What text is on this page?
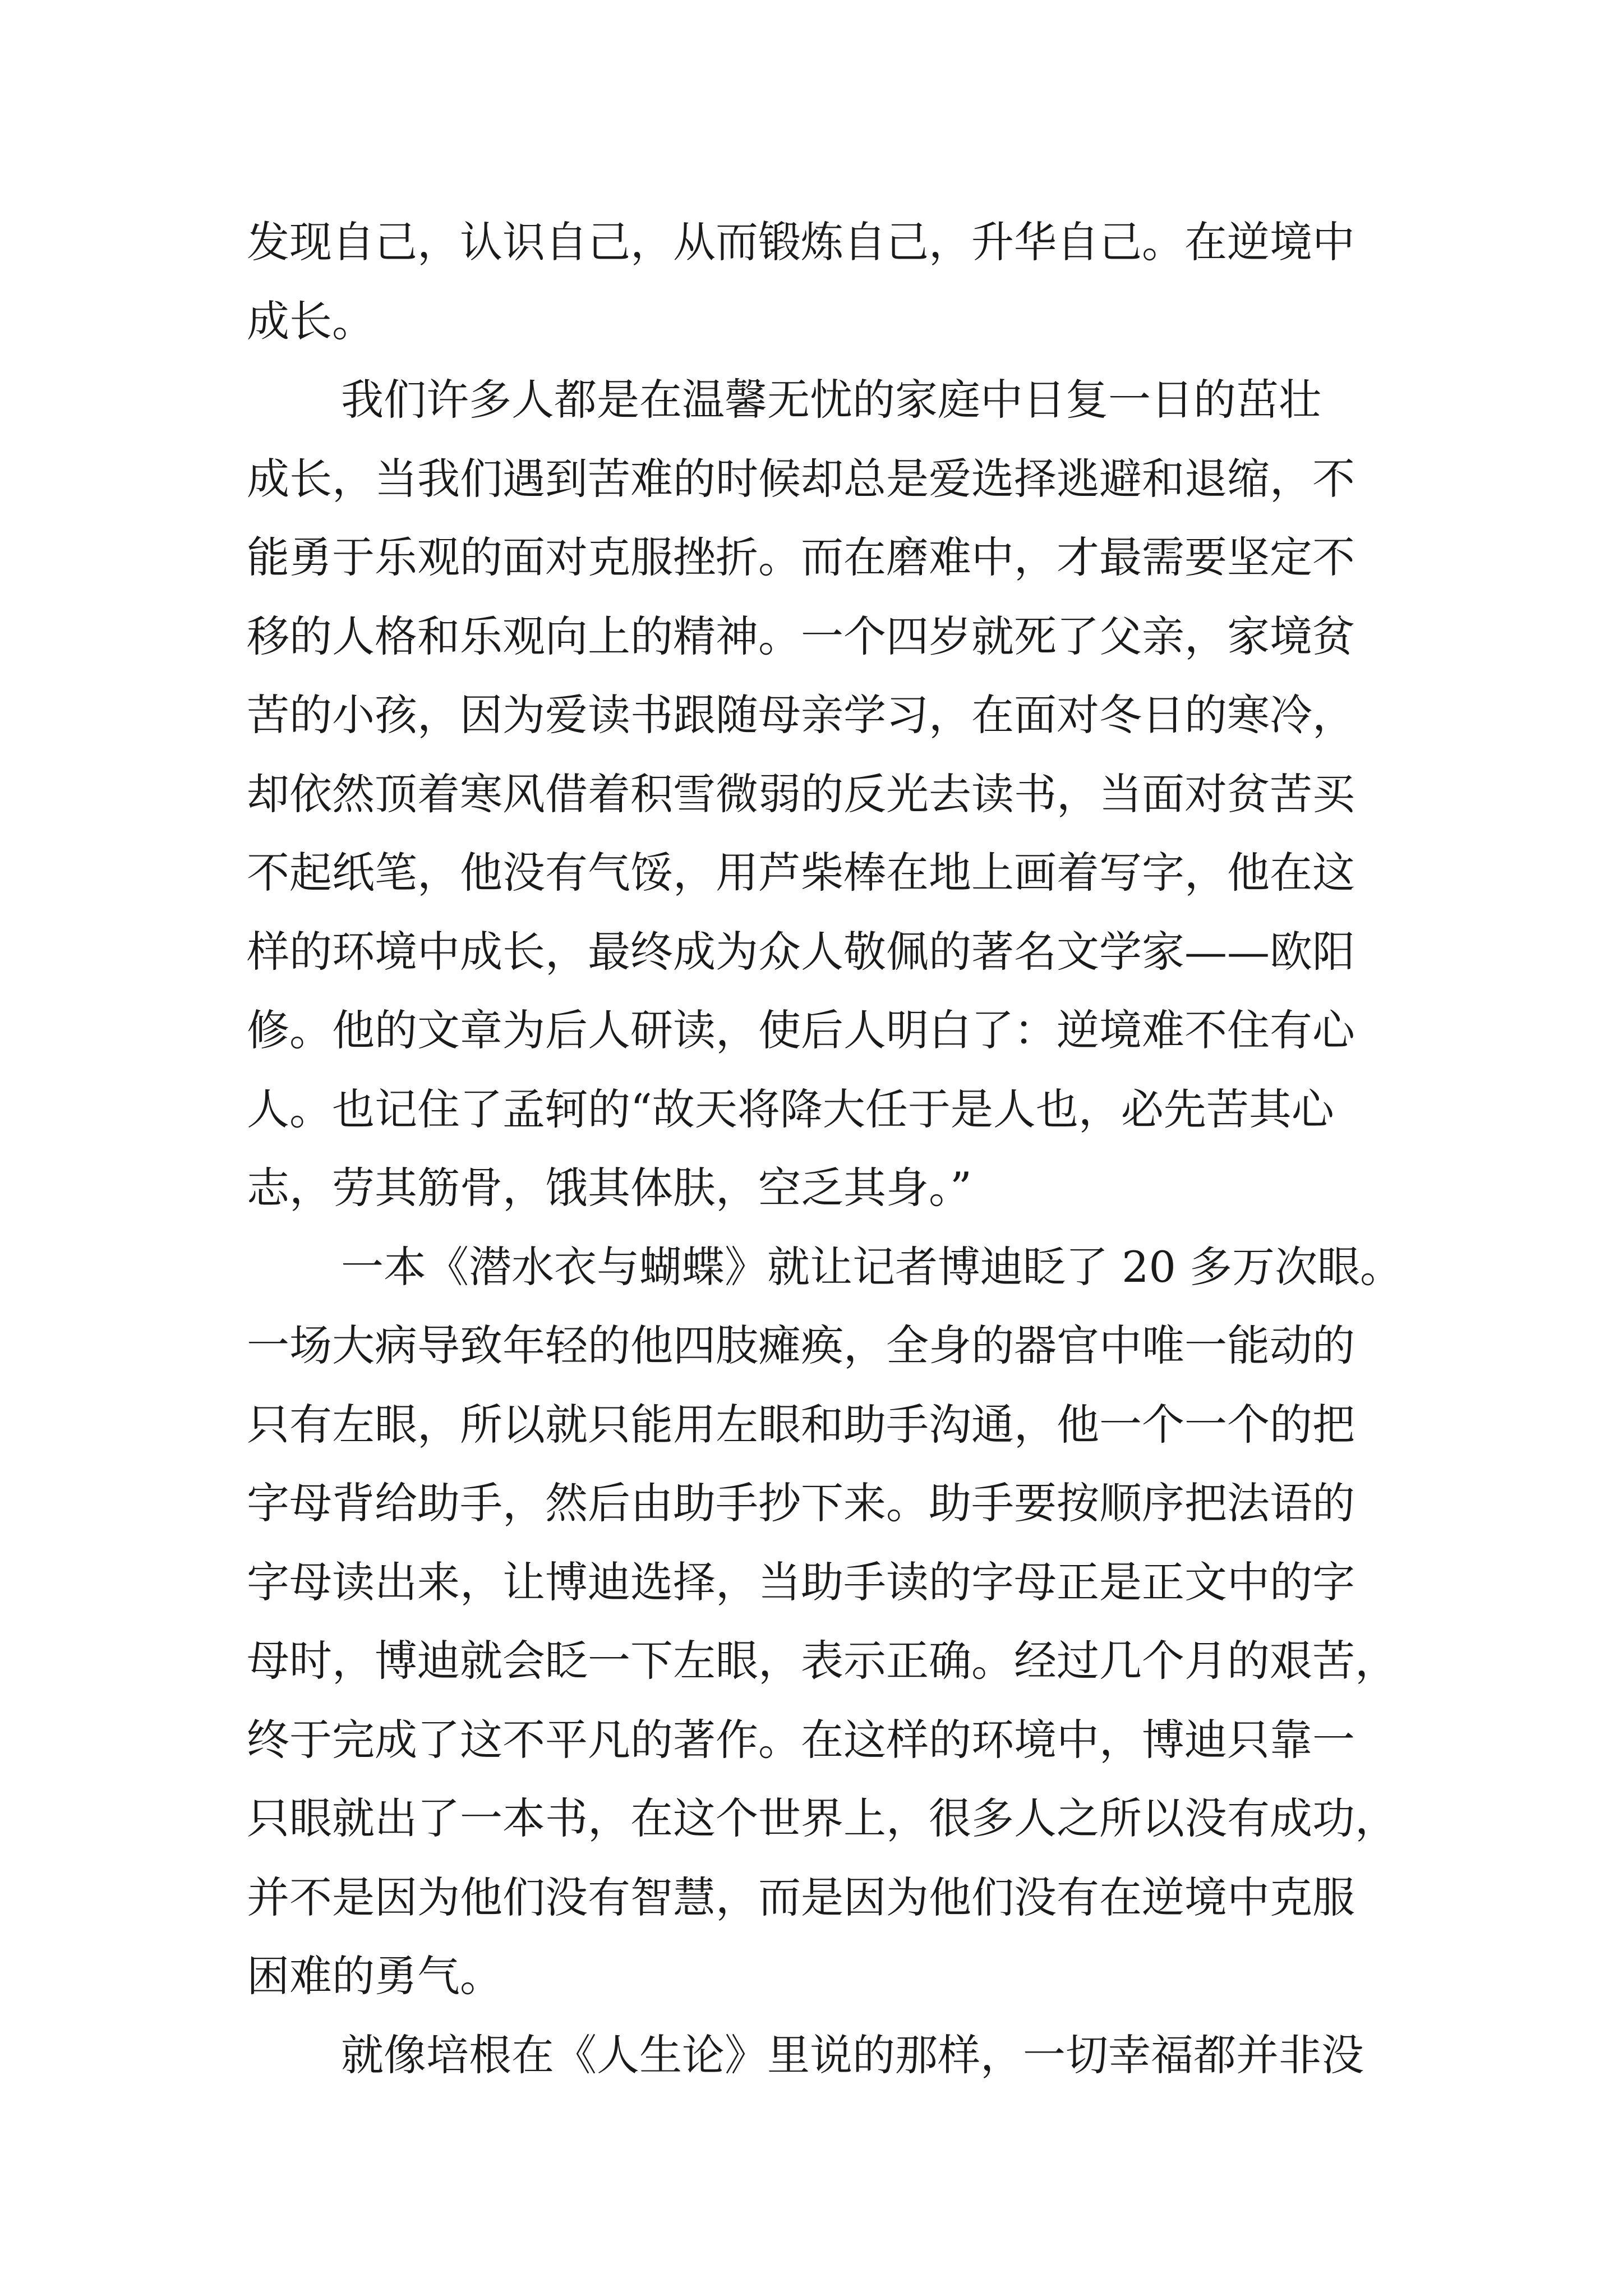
发现自己，认识自己，从而锻炼自己，升华自己。在逆境中
成长。
我们许多人都是在温馨无忧的家庭中日复一日的茁壮
成长，当我们遇到苦难的时候却总是爱选择逃避和退缩，不
能勇于乐观的面对克服挫折。而在磨难中，才最需要坚定不
移的人格和乐观向上的精神。一个四岁就死了父亲，家境贫
苦的小孩，因为爱读书跟随母亲学习，在面对冬日的寒冷，
却依然顶着寒风借着积雪微弱的反光去读书，当面对贫苦买
不起纸笔，他没有气馁，用芦柴棒在地上画着写字，他在这
样的环境中成长，最终成为众人敬佩的著名文学家——欧阳
修。他的文章为后人研读，使后人明白了：逆境难不住有心
人。也记住了孟轲的“故天将降大任于是人也，必先苦其心
志，劳其筋骨，饿其体肤，空乏其身。”
一本《潜水衣与蝴蝶》就让记者博迪眨了 20 多万次眼。
一场大病导致年轻的他四肢瘫痪，全身的器官中唯一能动的
只有左眼，所以就只能用左眼和助手沟通，他一个一个的把
字母背给助手，然后由助手抄下来。助手要按顺序把法语的
字母读出来，让博迪选择，当助手读的字母正是正文中的字
母时，博迪就会眨一下左眼，表示正确。经过几个月的艰苦，
终于完成了这不平凡的著作。在这样的环境中，博迪只靠一
只眼就出了一本书，在这个世界上，很多人之所以没有成功，
并不是因为他们没有智慧，而是因为他们没有在逆境中克服
困难的勇气。
就像培根在《人生论》里说的那样，一切幸福都并非没
